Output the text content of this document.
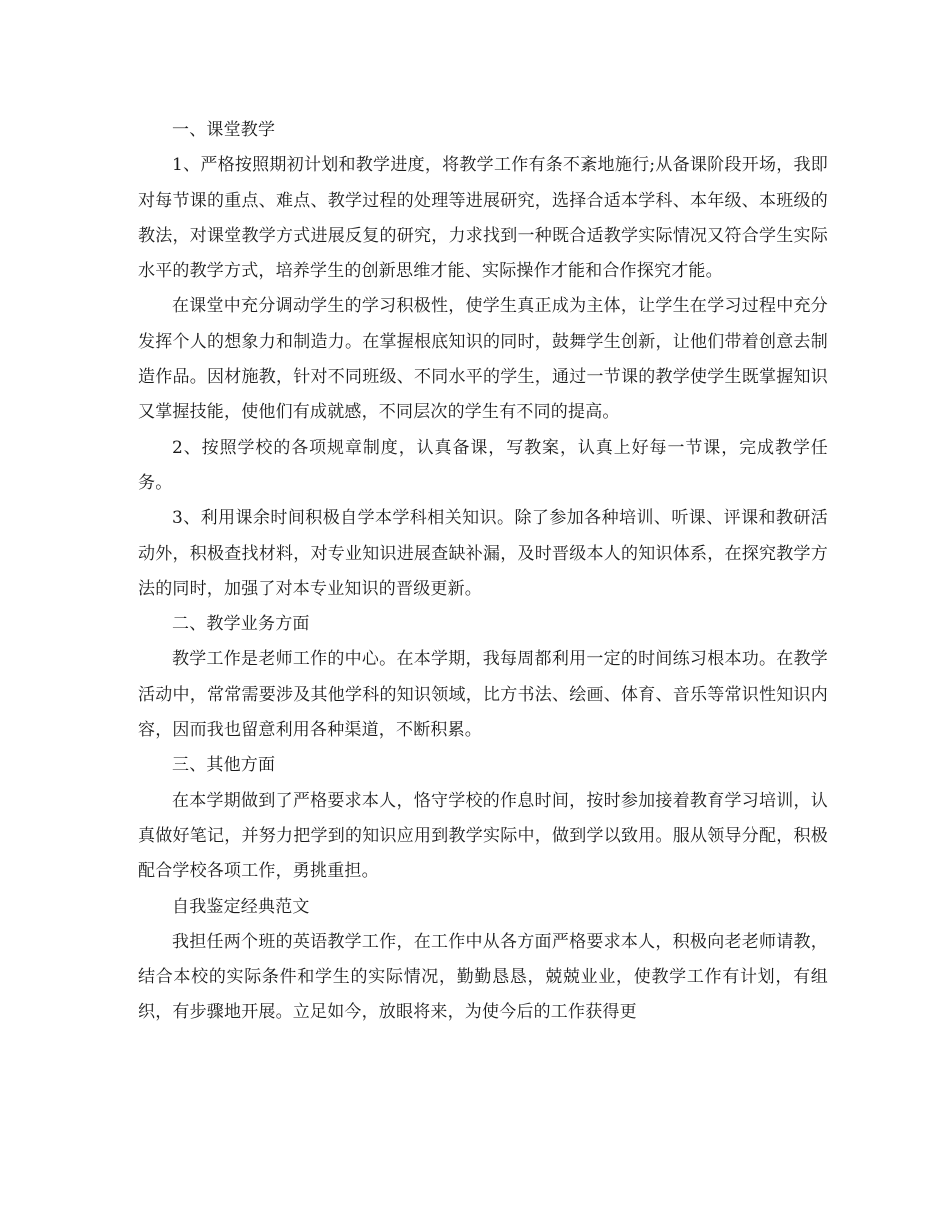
一、课堂教学

1、严格按照期初计划和教学进度，将教学工作有条不紊地施行;从备课阶段开场，我即对每节课的重点、难点、教学过程的处理等进展研究，选择合适本学科、本年级、本班级的教法，对课堂教学方式进展反复的研究，力求找到一种既合适教学实际情况又符合学生实际水平的教学方式，培养学生的创新思维才能、实际操作才能和合作探究才能。

在课堂中充分调动学生的学习积极性，使学生真正成为主体，让学生在学习过程中充分发挥个人的想象力和制造力。在掌握根底知识的同时，鼓舞学生创新，让他们带着创意去制造作品。因材施教，针对不同班级、不同水平的学生，通过一节课的教学使学生既掌握知识又掌握技能，使他们有成就感，不同层次的学生有不同的提高。

2、按照学校的各项规章制度，认真备课，写教案，认真上好每一节课，完成教学任务。

3、利用课余时间积极自学本学科相关知识。除了参加各种培训、听课、评课和教研活动外，积极查找材料，对专业知识进展查缺补漏，及时晋级本人的知识体系，在探究教学方法的同时，加强了对本专业知识的晋级更新。

二、教学业务方面

教学工作是老师工作的中心。在本学期，我每周都利用一定的时间练习根本功。在教学活动中，常常需要涉及其他学科的知识领域，比方书法、绘画、体育、音乐等常识性知识内容，因而我也留意利用各种渠道，不断积累。

三、其他方面

在本学期做到了严格要求本人，恪守学校的作息时间，按时参加接着教育学习培训，认真做好笔记，并努力把学到的知识应用到教学实际中，做到学以致用。服从领导分配，积极配合学校各项工作，勇挑重担。

自我鉴定经典范文

我担任两个班的英语教学工作，在工作中从各方面严格要求本人，积极向老老师请教，结合本校的实际条件和学生的实际情况，勤勤恳恳，兢兢业业，使教学工作有计划，有组织，有步骤地开展。立足如今，放眼将来，为使今后的工作获得更
